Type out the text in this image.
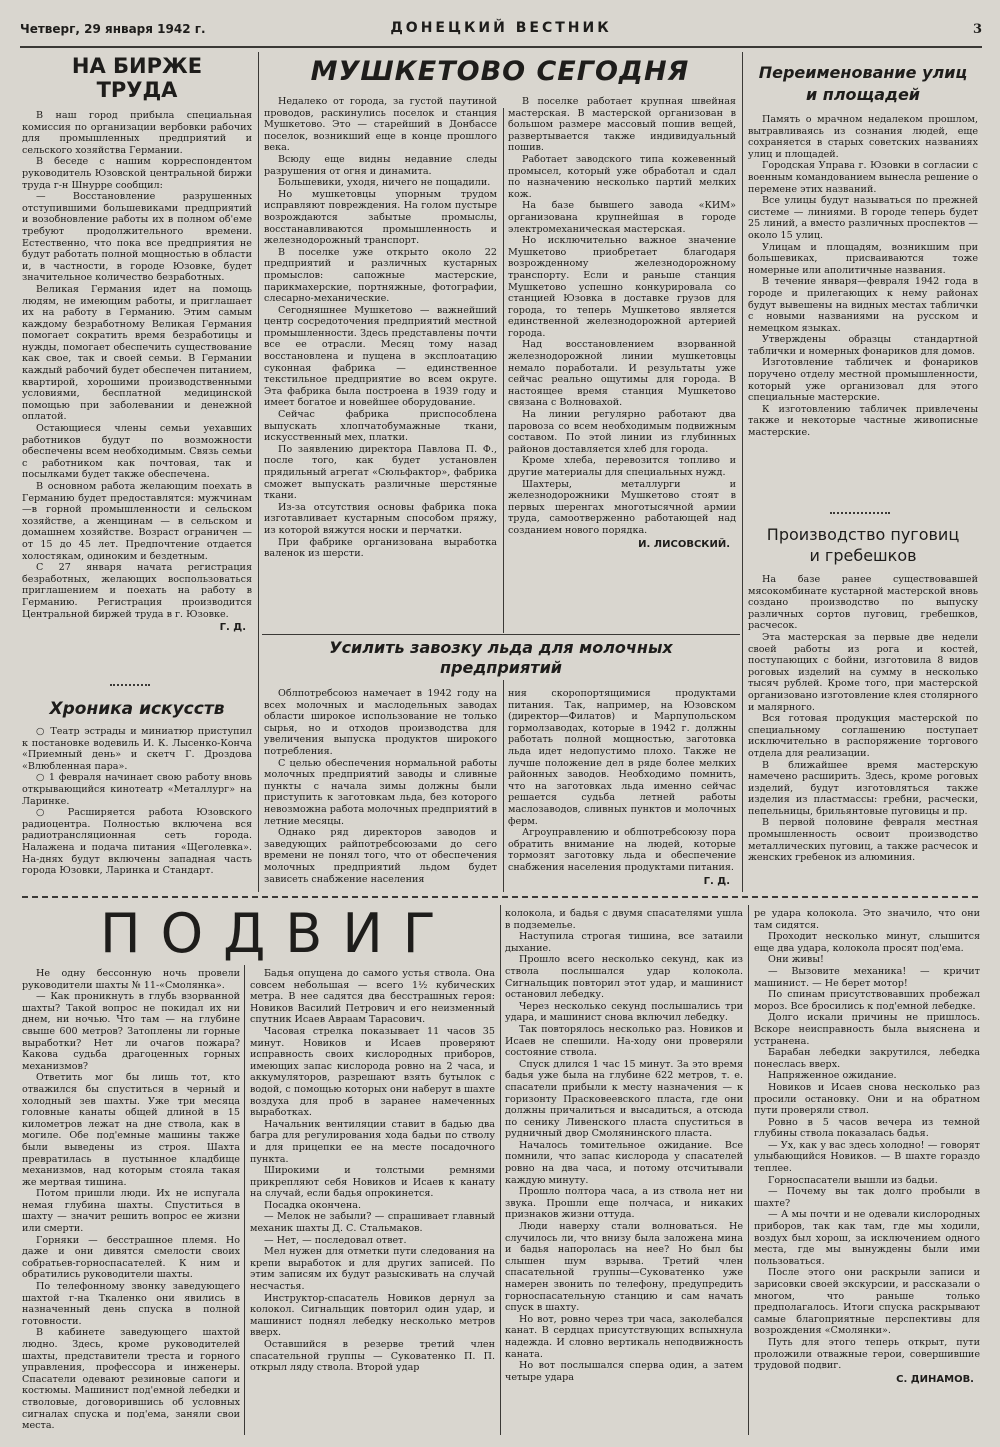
Четверг, 29 января 1942 г.	ДОНЕЦКИЙ ВЕСТНИК	3
НА БИРЖЕ
ТРУДА

В наш город прибыла специальная комиссия по организации вербовки рабочих для промышленных предприятий и сельского хозяйства Германии.

В беседе с нашим корреспондентом руководитель Юзовской центральной биржи труда г-н Шнурре сообщил:

— Восстановление разрушенных отступившими большевиками предприятий и возобновление работы их в полном об'еме требуют продолжительного времени. Естественно, что пока все предприятия не будут работать полной мощностью в области и, в частности, в городе Юзовке, будет значительное количество безработных.

Великая Германия идет на помощь людям, не имеющим работы, и приглашает их на работу в Германию. Этим самым каждому безработному Великая Германия помогает сократить время безработицы и нужды, помогает обеспечить существование как свое, так и своей семьи. В Германии каждый рабочий будет обеспечен питанием, квартирой, хорошими производственными условиями, бесплатной медицинской помощью при заболевании и денежной оплатой.

Остающиеся члены семьи уехавших работников будут по возможности обеспечены всем необходимым. Связь семьи с работником как почтовая, так и посылками будет также обеспечена.

В основном работа желающим поехать в Германию будет предоставлятся: мужчинам—в горной промышленности и сельском хозяйстве, а женщинам — в сельском и домашнем хозяйстве. Возраст ограничен — от 15 до 45 лет. Предпочтение отдается холостякам, одиноким и бездетным.

С 27 января начата регистрация безработных, желающих воспользоваться приглашением и поехать на работу в Германию. Регистрация производится Центральной биржей труда в г. Юзовке.

Г. Д.
Хроника искусств

○ Театр эстрады и миниатюр приступил к постановке водевиль И. К. Лысенко-Конча «Приемный день» и скетч Г. Дроздова «Влюбленная пара».

○ 1 февраля начинает свою работу вновь открывающийся кинотеатр «Металлург» на Ларинке.

○ Расширяется работа Юзовского радиоцентра. Полностью включена вся радиотрансляционная сеть города. Налажена и подача питания «Щеголевка». На-днях будут включены западная часть города Юзовки, Ларинка и Стандарт.

МУШКЕТОВО СЕГОДНЯ

Недалеко от города, за густой паутиной проводов, раскинулись поселок и станция Мушкетово. Это — старейший в Донбассе поселок, возникший еще в конце прошлого века.

Всюду еще видны недавние следы разрушения от огня и динамита.

Большевики, уходя, ничего не пощадили.

Но мушкетовцы упорным трудом исправляют повреждения. На голом пустыре возрождаются забытые промыслы, восстанавливаются промышленность и железнодорожный транспорт.

В поселке уже открыто около 22 предприятий и различных кустарных промыслов: сапожные мастерские, парикмахерские, портняжные, фотографии, слесарно-механические.

Сегодняшнее Мушкетово — важнейший центр сосредоточения предприятий местной промышленности. Здесь представлены почти все ее отрасли. Месяц тому назад восстановлена и пущена в эксплоатацию суконная фабрика — единственное текстильное предприятие во всем округе. Эта фабрика была построена в 1939 году и имеет богатое и новейшее оборудование.

Сейчас фабрика приспособлена выпускать хлопчатобумажные ткани, искусственный мех, платки.

По заявлению директора Павлова П. Ф., после того, как будет установлен прядильный агрегат «Сюльфактор», фабрика сможет выпускать различные шерстяные ткани.

Из-за отсутствия основы фабрика пока изготавливает кустарным способом пряжу, из которой вяжутся носки и перчатки.

При фабрике организована выработка валенок из шерсти.

В поселке работает крупная швейная мастерская. В мастерской организован в большом размере массовый пошив вещей, развертывается также индивидуальный пошив.

Работает заводского типа кожевенный промысел, который уже обработал и сдал по назначению несколько партий мелких кож.

На базе бывшего завода «КИМ» организована крупнейшая в городе электромеханическая мастерская.

Но исключительно важное значение Мушкетово приобретает благодаря возрожденному железнодорожному транспорту. Если и раньше станция Мушкетово успешно конкурировала со станцией Юзовка в доставке грузов для города, то теперь Мушкетово является единственной железнодорожной артерией города.

Над восстановлением взорванной железнодорожной линии мушкетовцы немало поработали. И результаты уже сейчас реально ощутимы для города. В настоящее время станция Мушкетово связана с Волновахой.

На линии регулярно работают два паровоза со всем необходимым подвижным составом. По этой линии из глубинных районов доставляется хлеб для города.

Кроме хлеба, перевозится топливо и другие материалы для специальных нужд.

Шахтеры, металлурги и железнодорожники Мушкетово стоят в первых шеренгах многотысячной армии труда, самоотверженно работающей над созданием нового порядка.

И. ЛИСОВСКИЙ.
Усилить завозку льда для молочных
предприятий

Облпотребсоюз намечает в 1942 году на всех молочных и маслодельных заводах области широкое использование не только сырья, но и отходов производства для увеличения выпуска продуктов широкого потребления.

С целью обеспечения нормальной работы молочных предприятий заводы и сливные пункты с начала зимы должны были приступить к заготовкам льда, без которого невозможна работа молочных предприятий в летние месяцы.

Однако ряд директоров заводов и заведующих райпотребсоюзами до сего времени не понял того, что от обеспечения молочных предприятий льдом будет зависеть снабжение населения

ния скоропортящимися продуктами питания. Так, например, на Юзовском (директор—Филатов) и Марпупольском гормолзаводах, которые в 1942 г. должны работать полной мощностью, заготовка льда идет недопустимо плохо. Также не лучше положение дел в ряде более мелких районных заводов. Необходимо помнить, что на заготовках льда именно сейчас решается судьба летней работы маслозаводов, сливных пунктов и молочных ферм.

Агроуправлению и облпотребсоюзу пора обратить внимание на людей, которые тормозят заготовку льда и обеспечение снабжения населения продуктами питания.

Г. Д.
Переименование улиц
и площадей

Память о мрачном недалеком прошлом, вытравливаясь из сознания людей, еще сохраняется в старых советских названиях улиц и площадей.

Городская Управа г. Юзовки в согласии с военным командованием вынесла решение о перемене этих названий.

Все улицы будут называться по прежней системе — линиями. В городе теперь будет 25 линий, а вместо различных проспектов — около 15 улиц.

Улицам и площадям, возникшим при большевиках, присваиваются тоже номерные или аполитичные названия.

В течение января—февраля 1942 года в городе и прилегающих к нему районах будут вывешены на видных местах таблички с новыми названиями на русском и немецком языках.

Утверждены образцы стандартной таблички и номерных фонариков для домов.

Изготовление табличек и фонариков поручено отделу местной промышленности, который уже организовал для этого специальные мастерские.

К изготовлению табличек привлечены также и некоторые частные живописные мастерские.

Производство пуговиц
и гребешков

На базе ранее существовавшей мясокомбинате кустарной мастерской вновь создано производство по выпуску различных сортов пуговиц, гребешков, расчесок.

Эта мастерская за первые две недели своей работы из рога и костей, поступающих с бойни, изготовила 8 видов роговых изделий на сумму в несколько тысяч рублей. Кроме того, при мастерской организовано изготовление клея столярного и малярного.

Вся готовая продукция мастерской по специальному соглашению поступает исключительно в распоряжение торгового отдела для реализации.

В ближайшее время мастерскую намечено расширить. Здесь, кроме роговых изделий, будут изготовляться также изделия из пластмассы: гребни, расчески, пепельницы, брильянтовые пуговицы и пр.

В первой половине февраля местная промышленность освоит производство металлических пуговиц, а также расчесок и женских гребенок из алюминия.

ПОДВИГ

Не одну бессонную ночь провели руководители шахты № 11-«Смолянка».

— Как проникнуть в глубь взорванной шахты? Такой вопрос не покидал их ни днем, ни ночью. Что там — на глубине свыше 600 метров? Затоплены ли горные выработки? Нет ли очагов пожара? Какова судьба драгоценных горных механизмов?

Ответить мог бы лишь тот, кто отважился бы спуститься в черный и холодный зев шахты. Уже три месяца головные канаты общей длиной в 15 километров лежат на дне ствола, как в могиле. Обе под'емные машины также были выведены из строя. Шахта превратилась в пустынное кладбище механизмов, над которым стояла такая же мертвая тишина.

Потом пришли люди. Их не испугала немая глубина шахты. Спуститься в шахту — значит решить вопрос ее жизни или смерти.

Горняки — бесстрашное племя. Но даже и они дивятся смелости своих собратьев-горноспасателей. К ним и обратились руководители шахты.

По телефонному звонку заведующего шахтой г-на Ткаленко они явились в назначенный день спуска в полной готовности.

В кабинете заведующего шахтой людно. Здесь, кроме руководителей шахты, представители треста и горного управления, профессора и инженеры. Спасатели одевают резиновые сапоги и костюмы. Машинист под'емной лебедки и стволовые, договорившись об условных сигналах спуска и под'ема, заняли свои места.

Бадья опущена до самого устья ствола. Она совсем небольшая — всего 1½ кубических метра. В нее садятся два бесстрашных героя: Новиков Василий Петрович и его неизменный спутник Исаев Авраам Тарасович.

Часовая стрелка показывает 11 часов 35 минут. Новиков и Исаев проверяют исправность своих кислородных приборов, имеющих запас кислорода ровно на 2 часа, и аккумуляторов, разрешают взять бутылок с водой, с помощью которых они наберут в шахте воздуха для проб в заранее намеченных выработках.

Начальник вентиляции ставит в бадью два багра для регулирования хода бадьи по стволу и для прицепки ее на месте посадочного пункта.

Широкими и толстыми ремнями прикрепляют себя Новиков и Исаев к канату на случай, если бадья опрокинется.

Посадка окончена.

— Мелок не забыли? — спрашивает главный механик шахты Д. С. Стальмаков.

— Нет, — последовал ответ.

Мел нужен для отметки пути следования на крепи выработок и для других записей. По этим записям их будут разыскивать на случай несчастья.

Инструктор-спасатель Новиков дернул за колокол. Сигнальщик повторил один удар, и машинист поднял лебедку несколько метров вверх.

Оставшийся в резерве третий член спасательной группы — Суковатенко П. П. открыл ляду ствола. Второй удар

колокола, и бадья с двумя спасателями ушла в подземелье.

Наступила строгая тишина, все затаили дыхание.

Прошло всего несколько секунд, как из ствола послышался удар колокола. Сигнальщик повторил этот удар, и машинист остановил лебедку.

Через несколько секунд послышались три удара, и машинист снова включил лебедку.

Так повторялось несколько раз. Новиков и Исаев не спешили. На-ходу они проверяли состояние ствола.

Спуск длился 1 час 15 минут. За это время бадья уже была на глубине 622 метров, т. е. спасатели прибыли к месту назначения — к горизонту Прасковеевского пласта, где они должны причалиться и высадиться, а отсюда по сенику Ливенского пласта спуститься в рудничный двор Смолянинского пласта.

Началось томительное ожидание. Все помнили, что запас кислорода у спасателей ровно на два часа, и потому отсчитывали каждую минуту.

Прошло полтора часа, а из ствола нет ни звука. Прошли еще полчаса, и никаких признаков жизни оттуда.

Люди наверху стали волноваться. Не случилось ли, что внизу была заложена мина и бадья напоролась на нее? Но был бы слышен шум взрыва. Третий член спасательной группы—Суковатенко уже намерен звонить по телефону, предупредить горноспасательную станцию и сам начать спуск в шахту.

Но вот, ровно через три часа, заколебался канат. В сердцах присутствующих вспыхнула надежда. И словно вертикаль неподвижность каната.

Но вот послышался сперва один, а затем четыре удара

ре удара колокола. Это значило, что они там сидятся.

Проходит несколько минут, слышится еще два удара, колокола просят под'ема.

Они живы!

— Вызовите механика! — кричит машинист. — Не берет мотор!

По спинам присутствовавших пробежал мороз. Все бросились к под'емной лебедке.

Долго искали причины не пришлось. Вскоре неисправность была выяснена и устранена.

Барабан лебедки закрутился, лебедка понеслась вверх.

Напряженное ожидание.

Новиков и Исаев снова несколько раз просили остановку. Они и на обратном пути проверяли ствол.

Ровно в 5 часов вечера из темной глубины ствола показалась бадья.

— Ух, как у вас здесь холодно! — говорят улыбающийся Новиков. — В шахте гораздо теплее.

Горноспасатели вышли из бадьи.

— Почему вы так долго пробыли в шахте?

— А мы почти и не одевали кислородных приборов, так как там, где мы ходили, воздух был хорош, за исключением одного места, где мы вынуждены были ими пользоваться.

После этого они раскрыли записи и зарисовки своей экскурсии, и рассказали о многом, что раньше только предполагалось. Итоги спуска раскрывают самые благоприятные перспективы для возрождения «Смолянки».

Путь для этого теперь открыт, пути проложили отважные герои, совершившие трудовой подвиг.

С. ДИНАМОВ.
